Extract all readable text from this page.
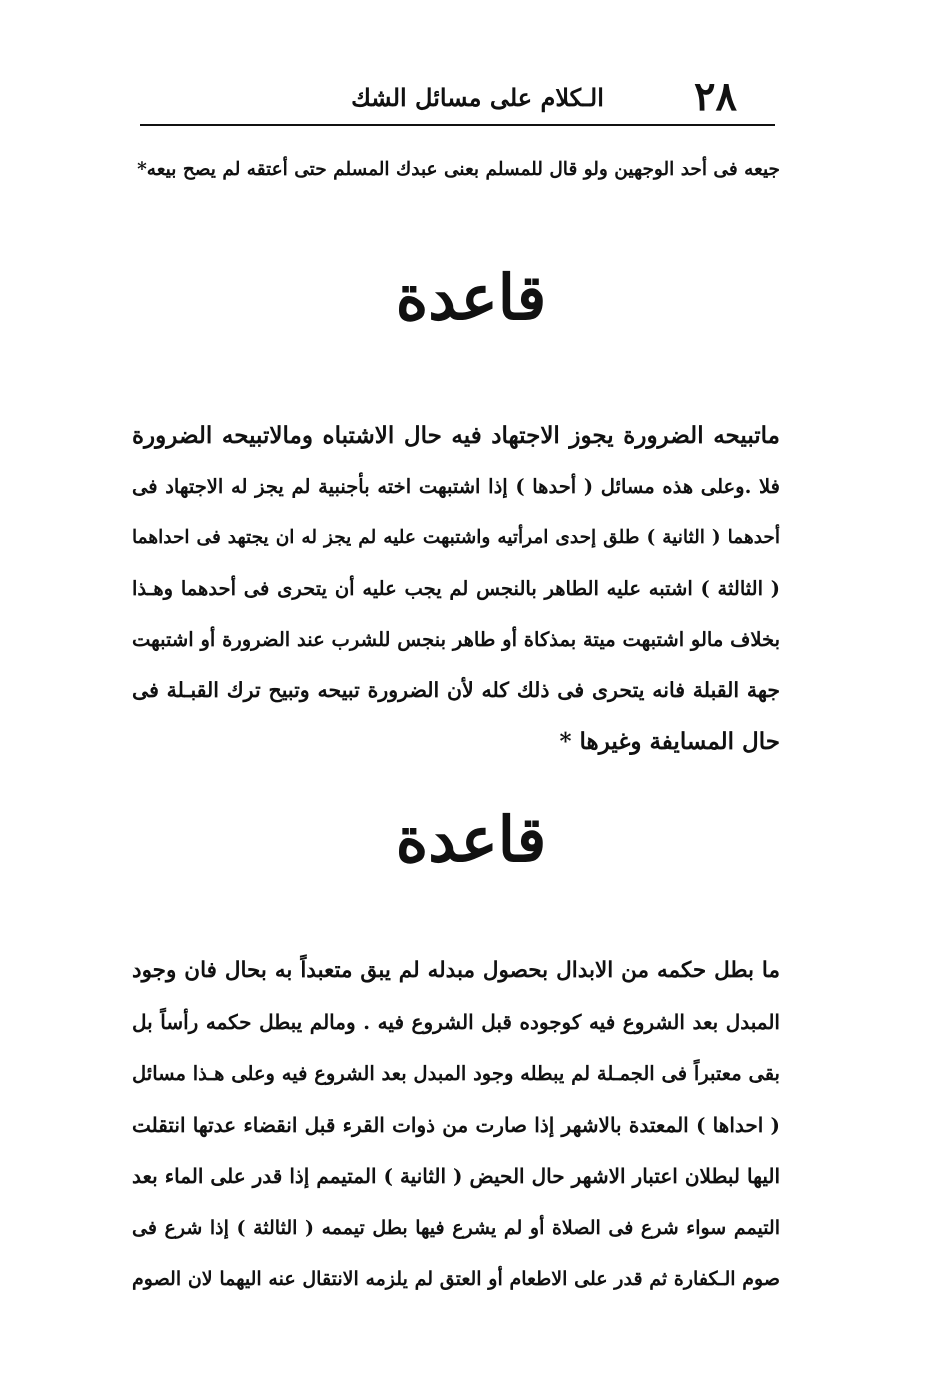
٢٨
الـكلام على مسائل الشك
جيعه فى أحد الوجهين ولو قال للمسلم بعنى عبدك المسلم حتى أعتقه لم يصح بيعه*
قاعدة
ماتبيحه الضرورة يجوز الاجتهاد فيه حال الاشتباه ومالاتبيحه الضرورة
فلا .وعلى هذه مسائل ( أحدها ) إذا اشتبهت اخته بأجنبية لم يجز له الاجتهاد فى
أحدهما ( الثانية ) طلق إحدى امرأتيه واشتبهت عليه لم يجز له ان يجتهد فى احداهما
( الثالثة ) اشتبه عليه الطاهر بالنجس لم يجب عليه أن يتحرى فى أحدهما وهـذا
بخلاف مالو اشتبهت ميتة بمذكاة أو طاهر بنجس للشرب عند الضرورة أو اشتبهت
جهة القبلة فانه يتحرى فى ذلك كله لأن الضرورة تبيحه وتبيح ترك القبـلة فى
حال المسايفة وغيرها *
قاعدة
ما بطل حكمه من الابدال بحصول مبدله لم يبق متعبداً به بحال فان وجود
المبدل بعد الشروع فيه كوجوده قبل الشروع فيه . ومالم يبطل حكمه رأساً بل
بقى معتبراً فى الجمـلة لم يبطله وجود المبدل بعد الشروع فيه وعلى هـذا مسائل
( احداها ) المعتدة بالاشهر إذا صارت من ذوات القرء قبل انقضاء عدتها انتقلت
اليها لبطلان اعتبار الاشهر حال الحيض ( الثانية ) المتيمم إذا قدر على الماء بعد
التيمم سواء شرع فى الصلاة أو لم يشرع فيها بطل تيممه ( الثالثة ) إذا شرع فى
صوم الـكفارة ثم قدر على الاطعام أو العتق لم يلزمه الانتقال عنه اليهما لان الصوم
